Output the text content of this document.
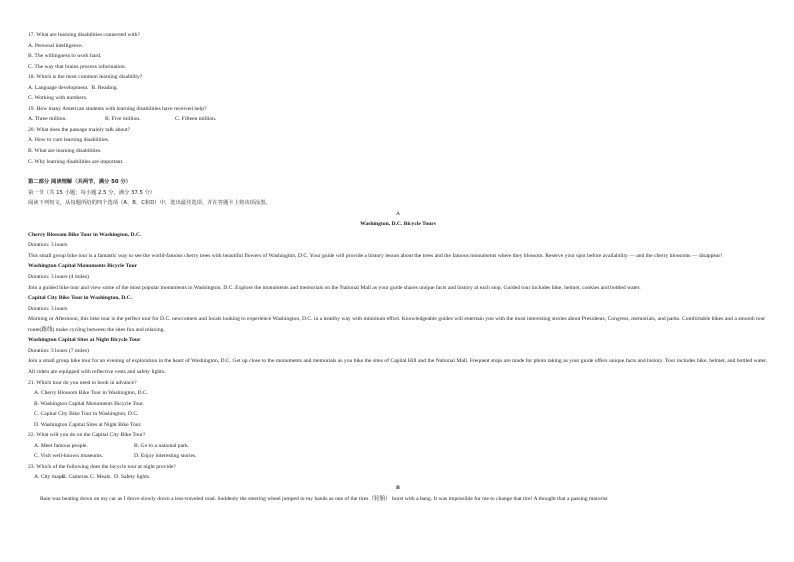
17. What are learning disabilities connected with?
A. Personal intelligence.
B. The willingness to work hard.
C. The way that brains process information.
18. Which is the most common learning disability?
A. Language development. B. Reading.
C. Working with numbers.
19. How many American students with learning disabilities have received help?
A. Three million.	B. Five million.	C. Fifteen million.
20. What does the passage mainly talk about?
A. How to cure learning disabilities.
B. What are learning disabilities.
C. Why learning disabilities are important.
第二部分 阅读理解（共两节，满分 50 分）
第一节（共 15 小题；每小题 2.5 分，满分 37.5 分）
阅读下列短文，从每题所给的四个选项（A、B、C和D）中，选出最佳选项，并在答题卡上将该项涂黑。
A
Washington, D.C. Bicycle Tours
Cherry Blossom Bike Tour in Washington, D.C.
Duration: 3 hours
This small group bike tour is a fantastic way to see the world-famous cherry trees with beautiful flowers of Washington, D.C. Your guide will provide a history lesson about the trees and the famous monuments where they blossom. Reserve your spot before availability — and the cherry blossoms — disappear!
Washington Capital Monuments Bicycle Tour
Duration: 3 hours (4 miles)
Join a guided bike tour and view some of the most popular monuments in Washington, D.C. Explore the monuments and memorials on the National Mall as your guide shares unique facts and history at each stop. Guided tour includes bike, helmet, cookies and bottled water.
Capital City Bike Tour in Washington, D.C.
Duration: 3 hours
Morning or Afternoon, this bike tour is the perfect tour for D.C. newcomers and locals looking to experience Washington, D.C. in a healthy way with minimum effort. Knowledgeable guides will entertain you with the most interesting stories about Presidents, Congress, memorials, and parks. Comfortable bikes and a smooth tour route(路线) make cycling between the sites fun and relaxing.
Washington Capital Sites at Night Bicycle Tour
Duration: 3 hours (7 miles)
Join a small group bike tour for an evening of exploration in the heart of Washington, D.C. Get up close to the monuments and memorials as you bike the sites of Capital Hill and the National Mall. Frequent stops are made for photo taking as your guide offers unique facts and history. Tour includes bike, helmet, and bottled water. All riders are equipped with reflective vests and safety lights.
21. Which tour do you need to book in advance?
A. Cherry Blossom Bike Tour in Washington, D.C.
B. Washington Capital Monuments Bicycle Tour.
C. Capital City Bike Tour in Washington, D.C.
D. Washington Capital Sites at Night Bike Tour.
22. What will you do on the Capital City Bike Tour?
A. Meet famous people.	B. Go to a national park.
C. Visit well-known museums.	D. Enjoy interesting stories.
23. Which of the following does the bicycle tour at night provide?
A. City maps.
B. Cameras. C. Meals. D. Safety lights.
B
Rain was beating down on my car as I drove slowly down a less-traveled road. Suddenly the steering wheel jumped in my hands as one of the tires（轮胎） burst with a bang. It was impossible for me to change that tire! A thought that a passing motorist
